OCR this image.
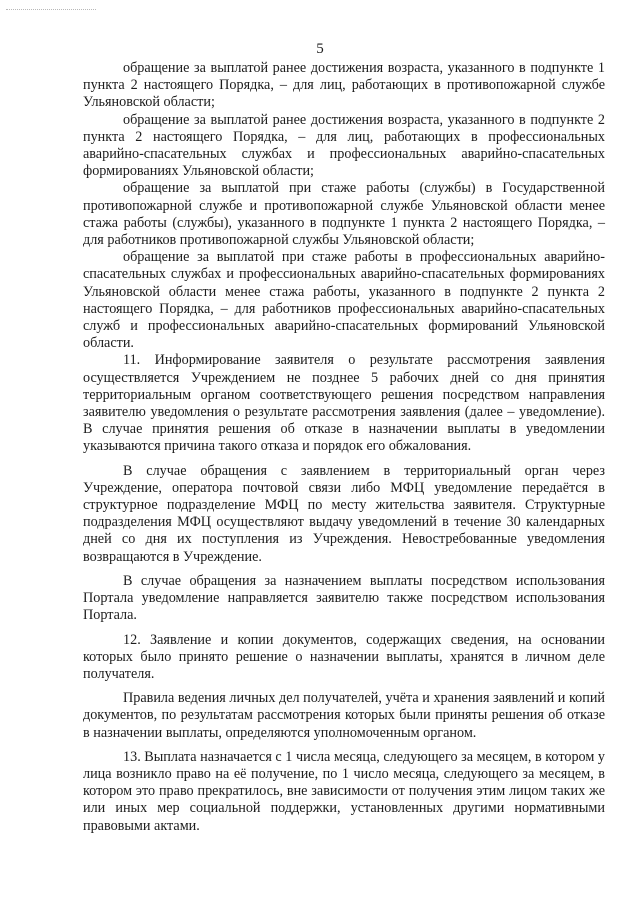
5

обращение за выплатой ранее достижения возраста, указанного в подпункте 1 пункта 2 настоящего Порядка, – для лиц, работающих в противопожарной службе Ульяновской области;

обращение за выплатой ранее достижения возраста, указанного в подпункте 2 пункта 2 настоящего Порядка, – для лиц, работающих в профессиональных аварийно-спасательных службах и профессиональных аварийно-спасательных формированиях Ульяновской области;

обращение за выплатой при стаже работы (службы) в Государственной противопожарной службе и противопожарной службе Ульяновской области менее стажа работы (службы), указанного в подпункте 1 пункта 2 настоящего Порядка, – для работников противопожарной службы Ульяновской области;

обращение за выплатой при стаже работы в профессиональных аварийно-спасательных службах и профессиональных аварийно-спасательных формированиях Ульяновской области менее стажа работы, указанного в подпункте 2 пункта 2 настоящего Порядка, – для работников профессиональных аварийно-спасательных служб и профессиональных аварийно-спасательных формирований Ульяновской области.

11. Информирование заявителя о результате рассмотрения заявления осуществляется Учреждением не позднее 5 рабочих дней со дня принятия территориальным органом соответствующего решения посредством направления заявителю уведомления о результате рассмотрения заявления (далее – уведомление). В случае принятия решения об отказе в назначении выплаты в уведомлении указываются причина такого отказа и порядок его обжалования.

В случае обращения с заявлением в территориальный орган через Учреждение, оператора почтовой связи либо МФЦ уведомление передаётся в структурное подразделение МФЦ по месту жительства заявителя. Структурные подразделения МФЦ осуществляют выдачу уведомлений в течение 30 календарных дней со дня их поступления из Учреждения. Невостребованные уведомления возвращаются в Учреждение.

В случае обращения за назначением выплаты посредством использования Портала уведомление направляется заявителю также посредством использования Портала.

12. Заявление и копии документов, содержащих сведения, на основании которых было принято решение о назначении выплаты, хранятся в личном деле получателя.

Правила ведения личных дел получателей, учёта и хранения заявлений и копий документов, по результатам рассмотрения которых были приняты решения об отказе в назначении выплаты, определяются уполномоченным органом.

13. Выплата назначается с 1 числа месяца, следующего за месяцем, в котором у лица возникло право на её получение, по 1 число месяца, следующего за месяцем, в котором это право прекратилось, вне зависимости от получения этим лицом таких же или иных мер социальной поддержки, установленных другими нормативными правовыми актами.
